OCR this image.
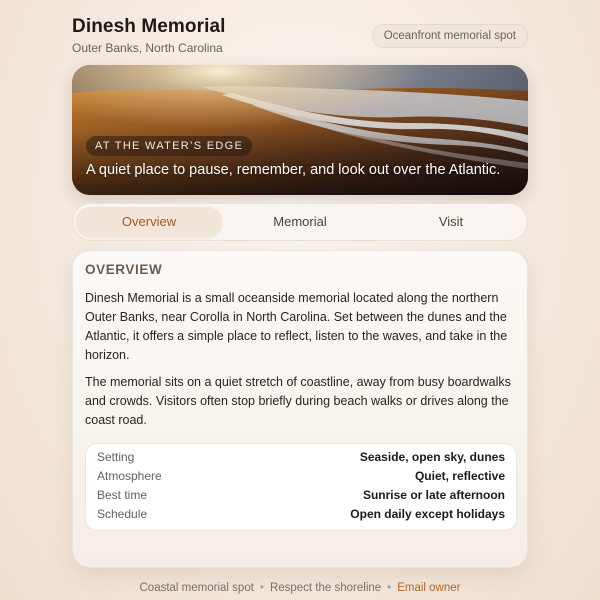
Dinesh Memorial
Outer Banks, North Carolina
Oceanfront memorial spot
AT THE WATER’S EDGE
A quiet place to pause, remember, and look out over the Atlantic.
Overview	Memorial	Visit
OVERVIEW

Dinesh Memorial is a small oceanside memorial located along the northern Outer Banks, near Corolla in North Carolina. Set between the dunes and the Atlantic, it offers a simple place to reflect, listen to the waves, and take in the horizon.

The memorial sits on a quiet stretch of coastline, away from busy boardwalks and crowds. Visitors often stop briefly during beach walks or drives along the coast road.

Setting	Seaside, open sky, dunes
Atmosphere	Quiet, reflective
Best time	Sunrise or late afternoon
Schedule	Open daily except holidays
Coastal memorial spot • Respect the shoreline • Email owner
